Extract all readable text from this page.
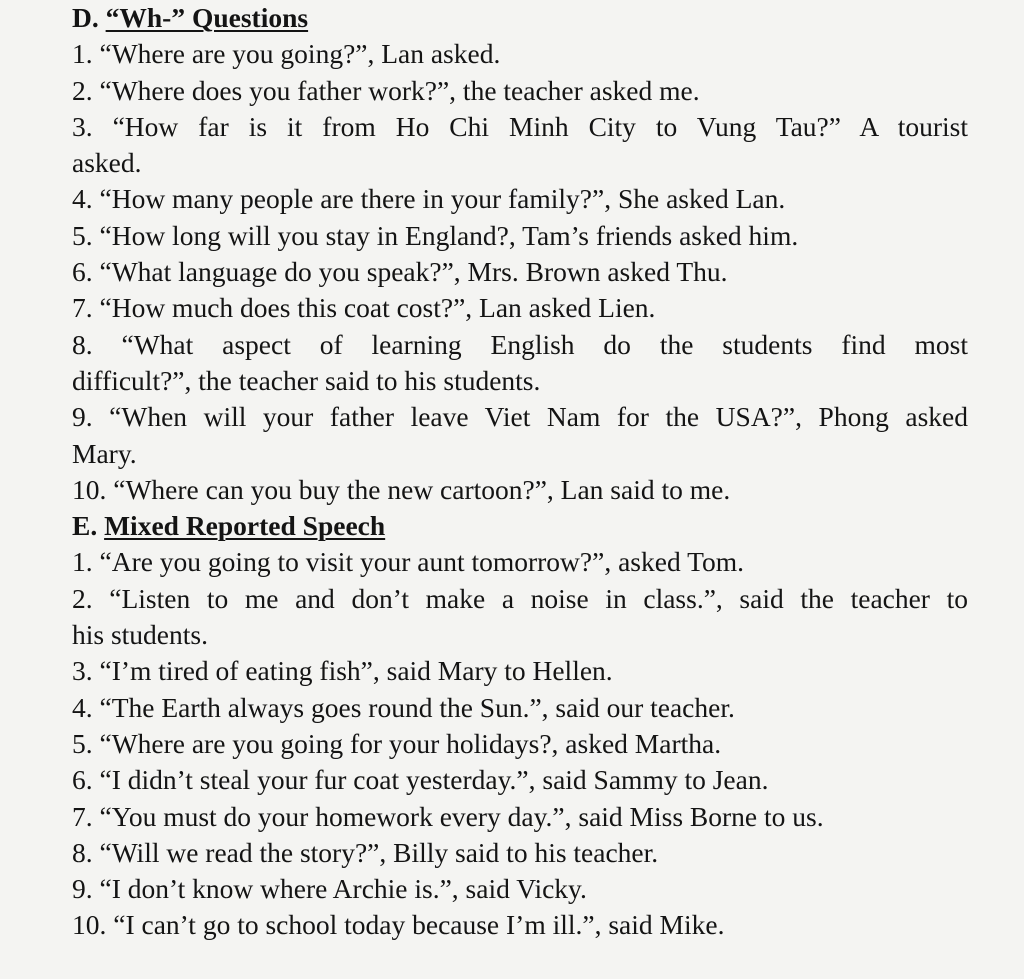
D. “Wh-” Questions
1. “Where are you going?”, Lan asked.
2. “Where does you father work?”, the teacher asked me.
3. “How far is it from Ho Chi Minh City to Vung Tau?” A tourist
asked.
4. “How many people are there in your family?”, She asked Lan.
5. “How long will you stay in England?, Tam’s friends asked him.
6. “What language do you speak?”, Mrs. Brown asked Thu.
7. “How much does this coat cost?”, Lan asked Lien.
8. “What aspect of learning English do the students find most
difficult?”, the teacher said to his students.
9. “When will your father leave Viet Nam for the USA?”, Phong asked
Mary.
10. “Where can you buy the new cartoon?”, Lan said to me.
E. Mixed Reported Speech
1. “Are you going to visit your aunt tomorrow?”, asked Tom.
2. “Listen to me and don’t make a noise in class.”, said the teacher to
his students.
3. “I’m tired of eating fish”, said Mary to Hellen.
4. “The Earth always goes round the Sun.”, said our teacher.
5. “Where are you going for your holidays?, asked Martha.
6. “I didn’t steal your fur coat yesterday.”, said Sammy to Jean.
7. “You must do your homework every day.”, said Miss Borne to us.
8. “Will we read the story?”, Billy said to his teacher.
9. “I don’t know where Archie is.”, said Vicky.
10. “I can’t go to school today because I’m ill.”, said Mike.
